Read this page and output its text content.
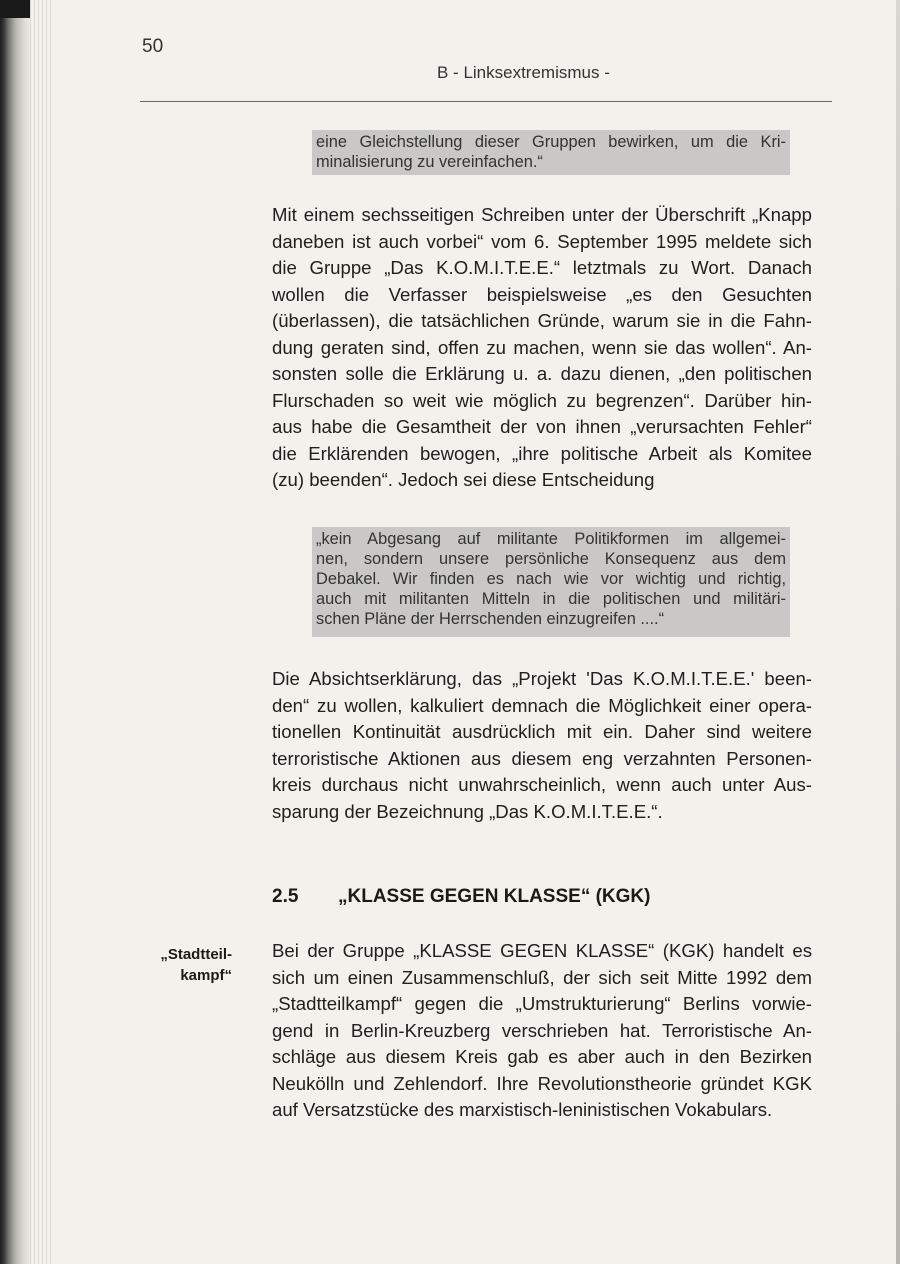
50
B - Linksextremismus -
eine Gleichstellung dieser Gruppen bewirken, um die Kri-
minalisierung zu vereinfachen.“
Mit einem sechsseitigen Schreiben unter der Überschrift „Knapp
daneben ist auch vorbei“ vom 6. September 1995 meldete sich
die Gruppe „Das K.O.M.I.T.E.E.“ letztmals zu Wort. Danach
wollen die Verfasser beispielsweise „es den Gesuchten
(überlassen), die tatsächlichen Gründe, warum sie in die Fahn-
dung geraten sind, offen zu machen, wenn sie das wollen“. An-
sonsten solle die Erklärung u. a. dazu dienen, „den politischen
Flurschaden so weit wie möglich zu begrenzen“. Darüber hin-
aus habe die Gesamtheit der von ihnen „verursachten Fehler“
die Erklärenden bewogen, „ihre politische Arbeit als Komitee
(zu) beenden“. Jedoch sei diese Entscheidung
„kein Abgesang auf militante Politikformen im allgemei-
nen, sondern unsere persönliche Konsequenz aus dem
Debakel. Wir finden es nach wie vor wichtig und richtig,
auch mit militanten Mitteln in die politischen und militäri-
schen Pläne der Herrschenden einzugreifen ....“
Die Absichtserklärung, das „Projekt 'Das K.O.M.I.T.E.E.' been-
den“ zu wollen, kalkuliert demnach die Möglichkeit einer opera-
tionellen Kontinuität ausdrücklich mit ein. Daher sind weitere
terroristische Aktionen aus diesem eng verzahnten Personen-
kreis durchaus nicht unwahrscheinlich, wenn auch unter Aus-
sparung der Bezeichnung „Das K.O.M.I.T.E.E.“.
2.5 „KLASSE GEGEN KLASSE“ (KGK)
„Stadtteil-
kampf“
Bei der Gruppe „KLASSE GEGEN KLASSE“ (KGK) handelt es
sich um einen Zusammenschluß, der sich seit Mitte 1992 dem
„Stadtteilkampf“ gegen die „Umstrukturierung“ Berlins vorwie-
gend in Berlin-Kreuzberg verschrieben hat. Terroristische An-
schläge aus diesem Kreis gab es aber auch in den Bezirken
Neukölln und Zehlendorf. Ihre Revolutionstheorie gründet KGK
auf Versatzstücke des marxistisch-leninistischen Vokabulars.
